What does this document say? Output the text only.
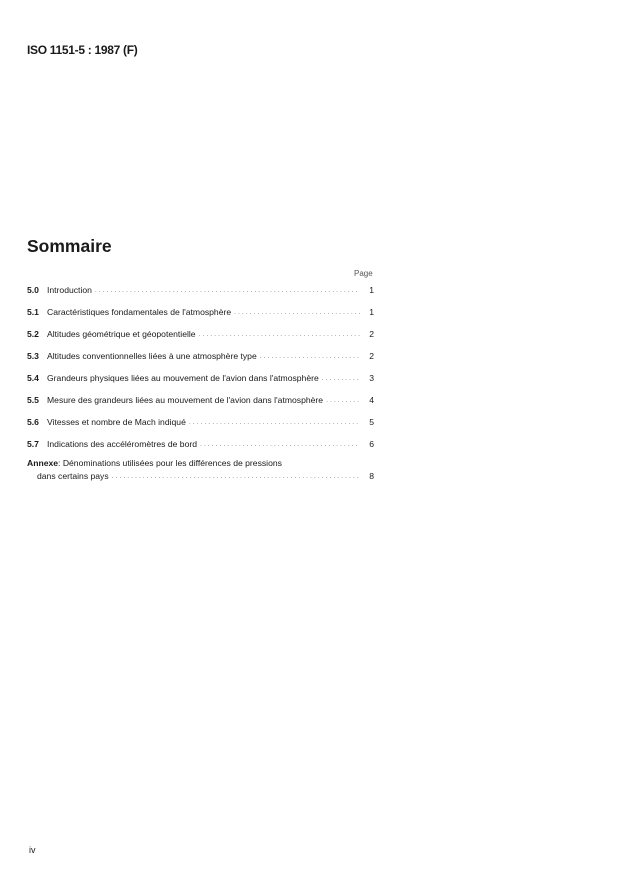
ISO 1151-5 : 1987 (F)
Sommaire
Page
5.0 Introduction . . .	1
5.1 Caractéristiques fondamentales de l'atmosphère . . .	1
5.2 Altitudes géométrique et géopotentielle . . .	2
5.3 Altitudes conventionnelles liées à une atmosphère type . . .	2
5.4 Grandeurs physiques liées au mouvement de l'avion dans l'atmosphère . . .	3
5.5 Mesure des grandeurs liées au mouvement de l'avion dans l'atmosphère . . .	4
5.6 Vitesses et nombre de Mach indiqué . . .	5
5.7 Indications des accéléromètres de bord . . .	6
Annexe: Dénominations utilisées pour les différences de pressions
dans certains pays . . .	8
iv
